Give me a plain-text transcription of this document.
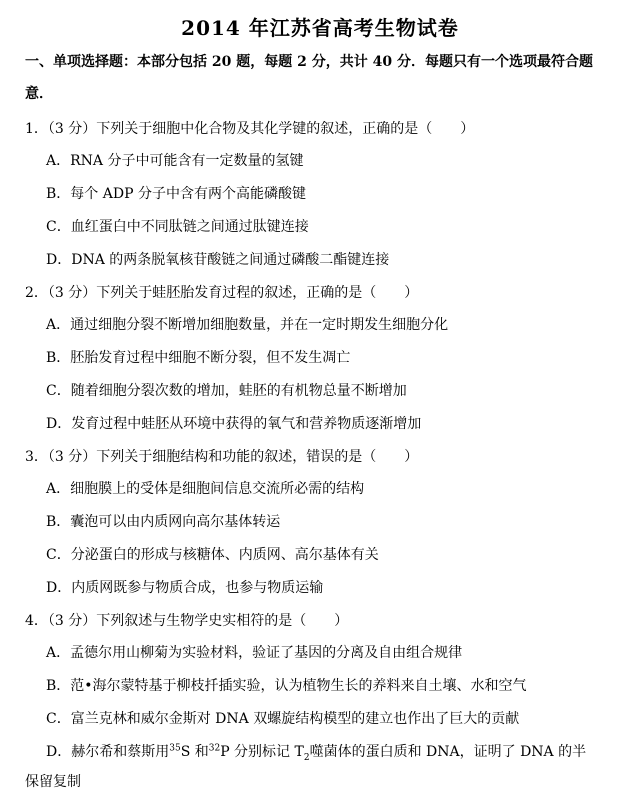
2014 年江苏省高考生物试卷
一、单项选择题：本部分包括 20 题，每题 2 分，共计 40 分．每题只有一个选项最符合题
意．
1．（3 分）下列关于细胞中化合物及其化学键的叙述，正确的是（　　）
A．RNA 分子中可能含有一定数量的氢键
B．每个 ADP 分子中含有两个高能磷酸键
C．血红蛋白中不同肽链之间通过肽键连接
D．DNA 的两条脱氧核苷酸链之间通过磷酸二酯键连接
2．（3 分）下列关于蛙胚胎发育过程的叙述，正确的是（　　）
A．通过细胞分裂不断增加细胞数量，并在一定时期发生细胞分化
B．胚胎发育过程中细胞不断分裂，但不发生凋亡
C．随着细胞分裂次数的增加，蛙胚的有机物总量不断增加
D．发育过程中蛙胚从环境中获得的氧气和营养物质逐渐增加
3．（3 分）下列关于细胞结构和功能的叙述，错误的是（　　）
A．细胞膜上的受体是细胞间信息交流所必需的结构
B．囊泡可以由内质网向高尔基体转运
C．分泌蛋白的形成与核糖体、内质网、高尔基体有关
D．内质网既参与物质合成，也参与物质运输
4．（3 分）下列叙述与生物学史实相符的是（　　）
A．孟德尔用山柳菊为实验材料，验证了基因的分离及自由组合规律
B．范•海尔蒙特基于柳枝扦插实验，认为植物生长的养料来自土壤、水和空气
C．富兰克林和威尔金斯对 DNA 双螺旋结构模型的建立也作出了巨大的贡献
D．赫尔希和蔡斯用$^{35}$S 和$^{32}$P 分别标记 $T_2$噬菌体的蛋白质和 DNA，证明了 DNA 的半
保留复制
